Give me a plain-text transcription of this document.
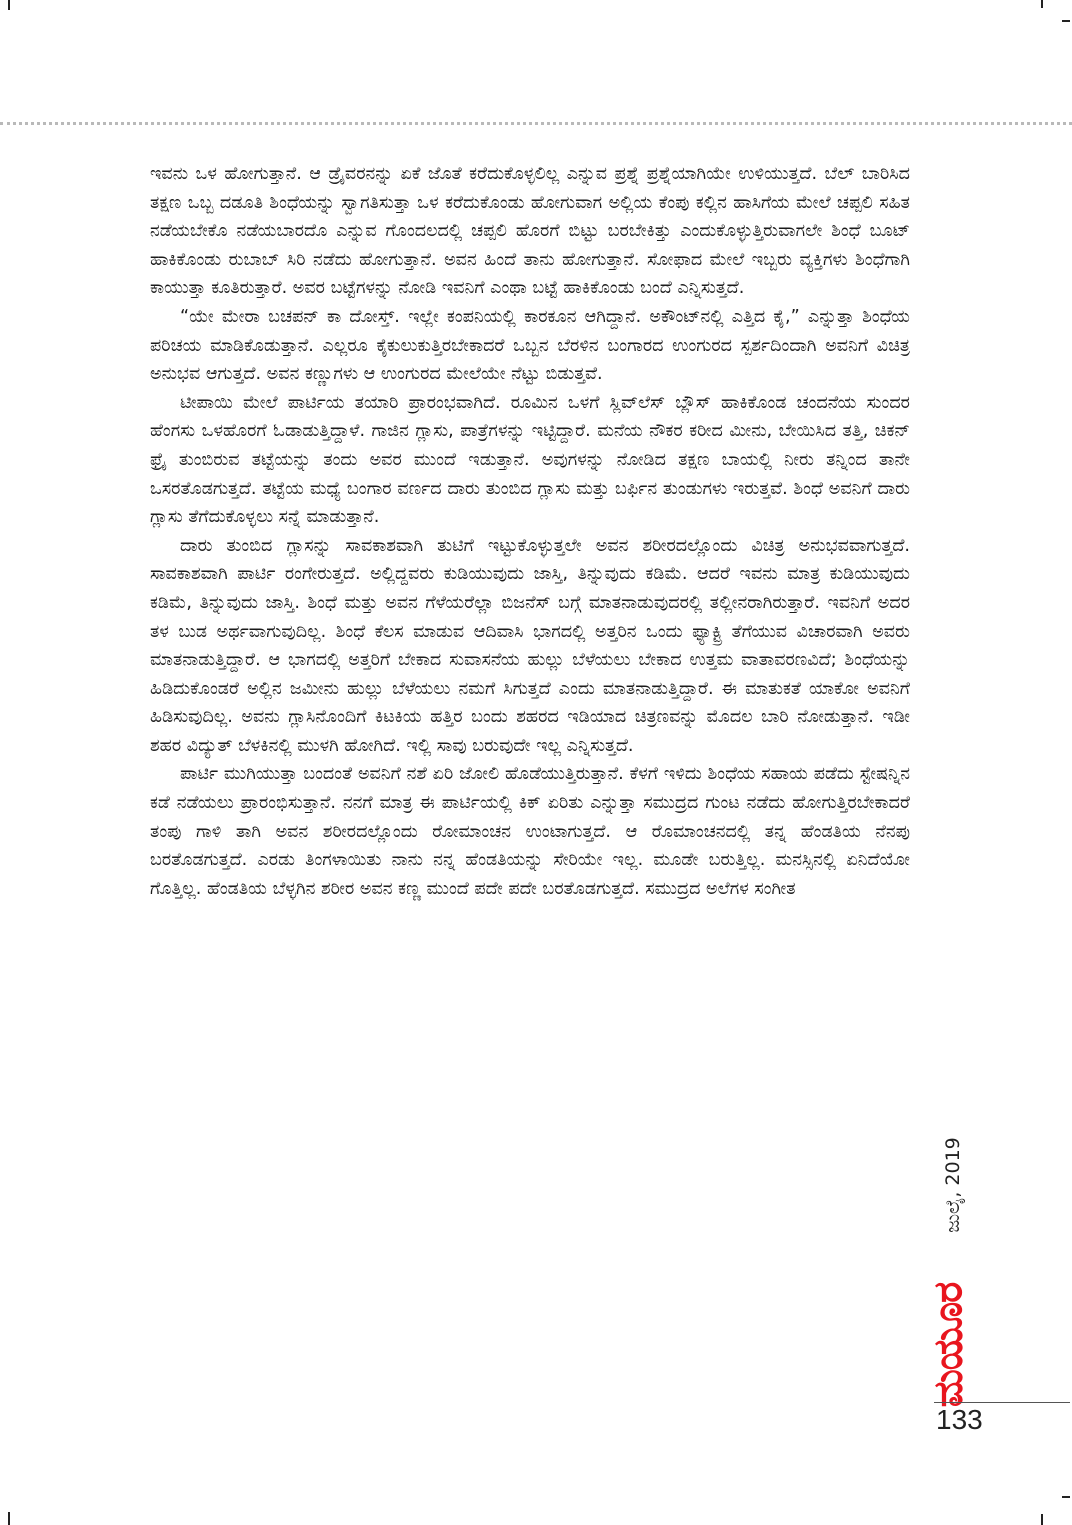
ಇವನು ಒಳ ಹೋಗುತ್ತಾನೆ. ಆ ಡ್ರೈವರನನ್ನು ಏಕೆ ಜೊತೆ ಕರೆದುಕೊಳ್ಳಲಿಲ್ಲ ಎನ್ನುವ ಪ್ರಶ್ನೆ ಪ್ರಶ್ನೆಯಾಗಿಯೇ ಉಳಿಯುತ್ತದೆ. ಬೆಲ್ ಬಾರಿಸಿದ ತಕ್ಷಣ ಒಬ್ಬ ದಡೂತಿ ಶಿಂಧೆಯನ್ನು ಸ್ವಾಗತಿಸುತ್ತಾ ಒಳ ಕರೆದುಕೊಂಡು ಹೋಗುವಾಗ ಅಲ್ಲಿಯ ಕೆಂಪು ಕಲ್ಲಿನ ಹಾಸಿಗೆಯ ಮೇಲೆ ಚಪ್ಪಲಿ ಸಹಿತ ನಡೆಯಬೇಕೊ ನಡೆಯಬಾರದೊ ಎನ್ನುವ ಗೊಂದಲದಲ್ಲಿ ಚಪ್ಪಲಿ ಹೊರಗೆ ಬಿಟ್ಟು ಬರಬೇಕಿತ್ತು ಎಂದುಕೊಳ್ಳುತ್ತಿರುವಾಗಲೇ ಶಿಂಧೆ ಬೂಟ್ ಹಾಕಿಕೊಂಡು ರುಬಾಬ್ ಸಿರಿ ನಡೆದು ಹೋಗುತ್ತಾನೆ. ಅವನ ಹಿಂದೆ ತಾನು ಹೋಗುತ್ತಾನೆ. ಸೋಫಾದ ಮೇಲೆ ಇಬ್ಬರು ವ್ಯಕ್ತಿಗಳು ಶಿಂಧೆಗಾಗಿ ಕಾಯುತ್ತಾ ಕೂತಿರುತ್ತಾರೆ. ಅವರ ಬಟ್ಟೆಗಳನ್ನು ನೋಡಿ ಇವನಿಗೆ ಎಂಥಾ ಬಟ್ಟೆ ಹಾಕಿಕೊಂಡು ಬಂದೆ ಎನ್ನಿಸುತ್ತದೆ.

“ಯೇ ಮೇರಾ ಬಚಪನ್ ಕಾ ದೋಸ್ತ್. ಇಲ್ಲೇ ಕಂಪನಿಯಲ್ಲಿ ಕಾರಕೂನ ಆಗಿದ್ದಾನೆ. ಅಕೌಂಟ್‌ನಲ್ಲಿ ಎತ್ತಿದ ಕೈ,” ಎನ್ನುತ್ತಾ ಶಿಂಧೆಯ ಪರಿಚಯ ಮಾಡಿಕೊಡುತ್ತಾನೆ. ಎಲ್ಲರೂ ಕೈಕುಲುಕುತ್ತಿರಬೇಕಾದರೆ ಒಬ್ಬನ ಬೆರಳಿನ ಬಂಗಾರದ ಉಂಗುರದ ಸ್ಪರ್ಶದಿಂದಾಗಿ ಅವನಿಗೆ ವಿಚಿತ್ರ ಅನುಭವ ಆಗುತ್ತದೆ. ಅವನ ಕಣ್ಣುಗಳು ಆ ಉಂಗುರದ ಮೇಲೆಯೇ ನೆಟ್ಟು ಬಿಡುತ್ತವೆ.

ಟೀಪಾಯಿ ಮೇಲೆ ಪಾರ್ಟಿಯ ತಯಾರಿ ಪ್ರಾರಂಭವಾಗಿದೆ. ರೂಮಿನ ಒಳಗೆ ಸ್ಲಿವ್‌ಲೆಸ್ ಬ್ಲೌಸ್ ಹಾಕಿಕೊಂಡ ಚಂದನೆಯ ಸುಂದರ ಹೆಂಗಸು ಒಳಹೊರಗೆ ಓಡಾಡುತ್ತಿದ್ದಾಳೆ. ಗಾಜಿನ ಗ್ಲಾಸು, ಪಾತ್ರೆಗಳನ್ನು ಇಟ್ಟಿದ್ದಾರೆ. ಮನೆಯ ನೌಕರ ಕರೀದ ಮೀನು, ಬೇಯಿಸಿದ ತತ್ತಿ, ಚಿಕನ್ ಫ್ರೈ ತುಂಬಿರುವ ತಟ್ಟೆಯನ್ನು ತಂದು ಅವರ ಮುಂದೆ ಇಡುತ್ತಾನೆ. ಅವುಗಳನ್ನು ನೋಡಿದ ತಕ್ಷಣ ಬಾಯಲ್ಲಿ ನೀರು ತನ್ನಿಂದ ತಾನೇ ಒಸರತೊಡಗುತ್ತದೆ. ತಟ್ಟೆಯ ಮಧ್ಯೆ ಬಂಗಾರ ವರ್ಣದ ದಾರು ತುಂಬಿದ ಗ್ಲಾಸು ಮತ್ತು ಬರ್ಫಿನ ತುಂಡುಗಳು ಇರುತ್ತವೆ. ಶಿಂಧೆ ಅವನಿಗೆ ದಾರು ಗ್ಲಾಸು ತೆಗೆದುಕೊಳ್ಳಲು ಸನ್ನೆ ಮಾಡುತ್ತಾನೆ.

ದಾರು ತುಂಬಿದ ಗ್ಲಾಸನ್ನು ಸಾವಕಾಶವಾಗಿ ತುಟಿಗೆ ಇಟ್ಟುಕೊಳ್ಳುತ್ತಲೇ ಅವನ ಶರೀರದಲ್ಲೊಂದು ವಿಚಿತ್ರ ಅನುಭವವಾಗುತ್ತದೆ. ಸಾವಕಾಶವಾಗಿ ಪಾರ್ಟಿ ರಂಗೇರುತ್ತದೆ. ಅಲ್ಲಿದ್ದವರು ಕುಡಿಯುವುದು ಜಾಸ್ತಿ, ತಿನ್ನುವುದು ಕಡಿಮೆ. ಆದರೆ ಇವನು ಮಾತ್ರ ಕುಡಿಯುವುದು ಕಡಿಮೆ, ತಿನ್ನುವುದು ಜಾಸ್ತಿ. ಶಿಂಧೆ ಮತ್ತು ಅವನ ಗೆಳೆಯರೆಲ್ಲಾ ಬಿಜನೆಸ್ ಬಗ್ಗೆ ಮಾತನಾಡುವುದರಲ್ಲಿ ತಲ್ಲೀನರಾಗಿರುತ್ತಾರೆ. ಇವನಿಗೆ ಅದರ ತಳ ಬುಡ ಅರ್ಥವಾಗುವುದಿಲ್ಲ. ಶಿಂಧೆ ಕೆಲಸ ಮಾಡುವ ಆದಿವಾಸಿ ಭಾಗದಲ್ಲಿ ಅತ್ತರಿನ ಒಂದು ಫ್ಯಾಕ್ಟ್ರಿ ತೆಗೆಯುವ ವಿಚಾರವಾಗಿ ಅವರು ಮಾತನಾಡುತ್ತಿದ್ದಾರೆ. ಆ ಭಾಗದಲ್ಲಿ ಅತ್ತರಿಗೆ ಬೇಕಾದ ಸುವಾಸನೆಯ ಹುಲ್ಲು ಬೆಳೆಯಲು ಬೇಕಾದ ಉತ್ತಮ ವಾತಾವರಣವಿದೆ; ಶಿಂಧೆಯನ್ನು ಹಿಡಿದುಕೊಂಡರೆ ಅಲ್ಲಿನ ಜಮೀನು ಹುಲ್ಲು ಬೆಳೆಯಲು ನಮಗೆ ಸಿಗುತ್ತದೆ ಎಂದು ಮಾತನಾಡುತ್ತಿದ್ದಾರೆ. ಈ ಮಾತುಕತೆ ಯಾಕೋ ಅವನಿಗೆ ಹಿಡಿಸುವುದಿಲ್ಲ. ಅವನು ಗ್ಲಾಸಿನೊಂದಿಗೆ ಕಿಟಕಿಯ ಹತ್ತಿರ ಬಂದು ಶಹರದ ಇಡಿಯಾದ ಚಿತ್ರಣವನ್ನು ಮೊದಲ ಬಾರಿ ನೋಡುತ್ತಾನೆ. ಇಡೀ ಶಹರ ವಿದ್ಯುತ್ ಬೆಳಕಿನಲ್ಲಿ ಮುಳಗಿ ಹೋಗಿದೆ. ಇಲ್ಲಿ ಸಾವು ಬರುವುದೇ ಇಲ್ಲ ಎನ್ನಿಸುತ್ತದೆ.

ಪಾರ್ಟಿ ಮುಗಿಯುತ್ತಾ ಬಂದಂತೆ ಅವನಿಗೆ ನಶೆ ಏರಿ ಜೋಲಿ ಹೊಡೆಯುತ್ತಿರುತ್ತಾನೆ. ಕೆಳಗೆ ಇಳಿದು ಶಿಂಧೆಯ ಸಹಾಯ ಪಡೆದು ಸ್ಟೇಷನ್ನಿನ ಕಡೆ ನಡೆಯಲು ಪ್ರಾರಂಭಿಸುತ್ತಾನೆ. ನನಗೆ ಮಾತ್ರ ಈ ಪಾರ್ಟಿಯಲ್ಲಿ ಕಿಕ್ ಏರಿತು ಎನ್ನುತ್ತಾ ಸಮುದ್ರದ ಗುಂಟ ನಡೆದು ಹೋಗುತ್ತಿರಬೇಕಾದರೆ ತಂಪು ಗಾಳಿ ತಾಗಿ ಅವನ ಶರೀರದಲ್ಲೊಂದು ರೋಮಾಂಚನ ಉಂಟಾಗುತ್ತದೆ. ಆ ರೊಮಾಂಚನದಲ್ಲಿ ತನ್ನ ಹೆಂಡತಿಯ ನೆನಪು ಬರತೊಡಗುತ್ತದೆ. ಎರಡು ತಿಂಗಳಾಯಿತು ನಾನು ನನ್ನ ಹೆಂಡತಿಯನ್ನು ಸೇರಿಯೇ ಇಲ್ಲ. ಮೂಡೇ ಬರುತ್ತಿಲ್ಲ. ಮನಸ್ಸಿನಲ್ಲಿ ಏನಿದೆಯೋ ಗೊತ್ತಿಲ್ಲ. ಹೆಂಡತಿಯ ಬೆಳ್ಳಗಿನ ಶರೀರ ಅವನ ಕಣ್ಣ ಮುಂದೆ ಪದೇ ಪದೇ ಬರತೊಡಗುತ್ತದೆ. ಸಮುದ್ರದ ಅಲೆಗಳ ಸಂಗೀತ

ಜುಲೈ, 2019
ಮಯೂರ
133
